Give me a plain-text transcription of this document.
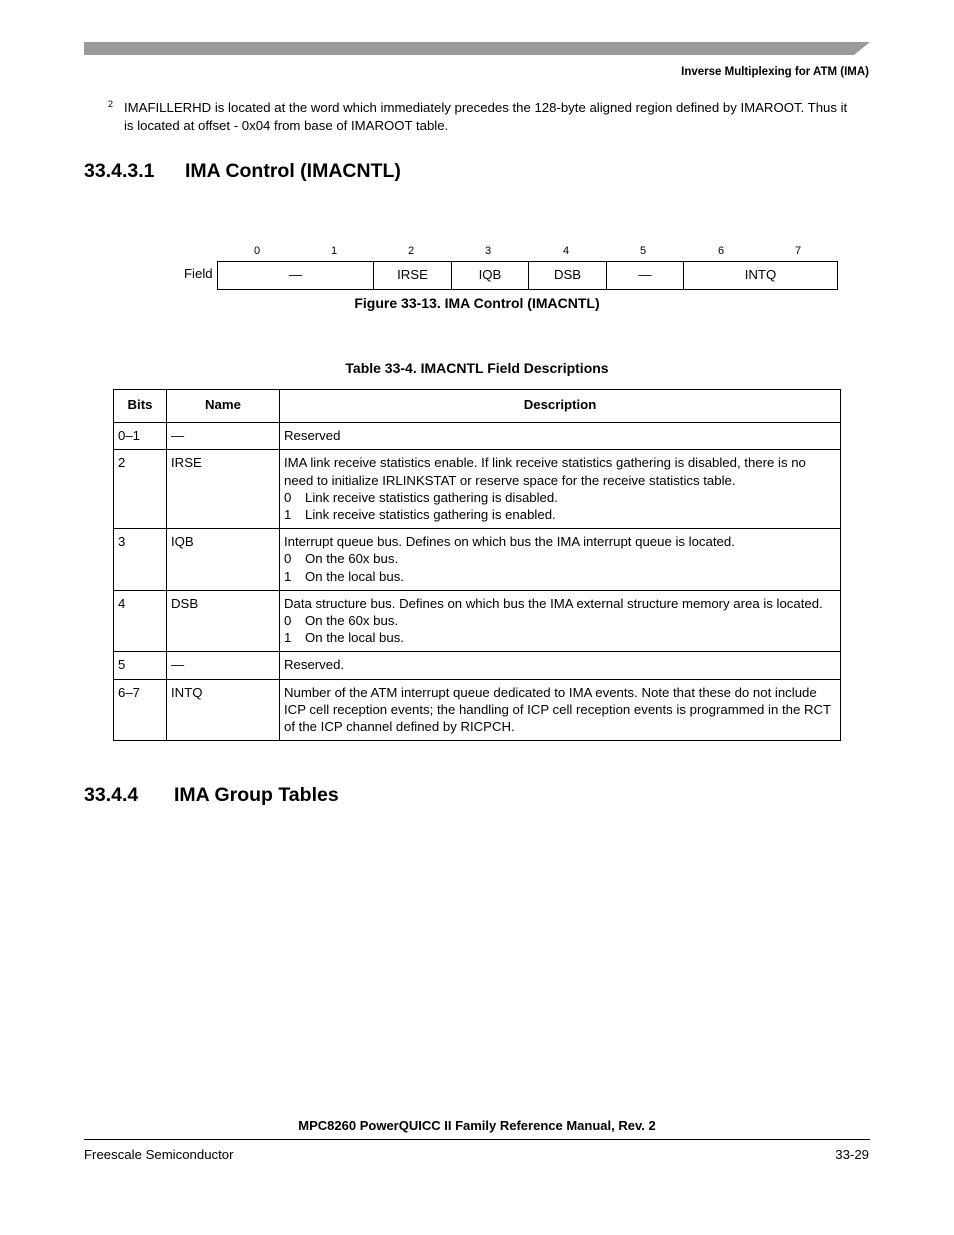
Inverse Multiplexing for ATM (IMA)
2 IMAFILLERHD is located at the word which immediately precedes the 128-byte aligned region defined by IMAROOT. Thus it is located at offset - 0x04 from base of IMAROOT table.
33.4.3.1 IMA Control (IMACNTL)
0	1	2	3	4	5	6	7
Field	—	IRSE	IQB	DSB	—	INTQ
Figure 33-13. IMA Control (IMACNTL)
Table 33-4. IMACNTL Field Descriptions
Bits	Name	Description
0–1	—	Reserved
2	IRSE	IMA link receive statistics enable. If link receive statistics gathering is disabled, there is no need to initialize IRLINKSTAT or reserve space for the receive statistics table.
0 Link receive statistics gathering is disabled.
1 Link receive statistics gathering is enabled.

3	IQB	Interrupt queue bus. Defines on which bus the IMA interrupt queue is located.
0 On the 60x bus.
1 On the local bus.

4	DSB	Data structure bus. Defines on which bus the IMA external structure memory area is located.
0 On the 60x bus.
1 On the local bus.

5	—	Reserved.
6–7	INTQ	Number of the ATM interrupt queue dedicated to IMA events. Note that these do not include ICP cell reception events; the handling of ICP cell reception events is programmed in the RCT of the ICP channel defined by RICPCH.
33.4.4 IMA Group Tables
MPC8260 PowerQUICC II Family Reference Manual, Rev. 2
Freescale Semiconductor	33-29
